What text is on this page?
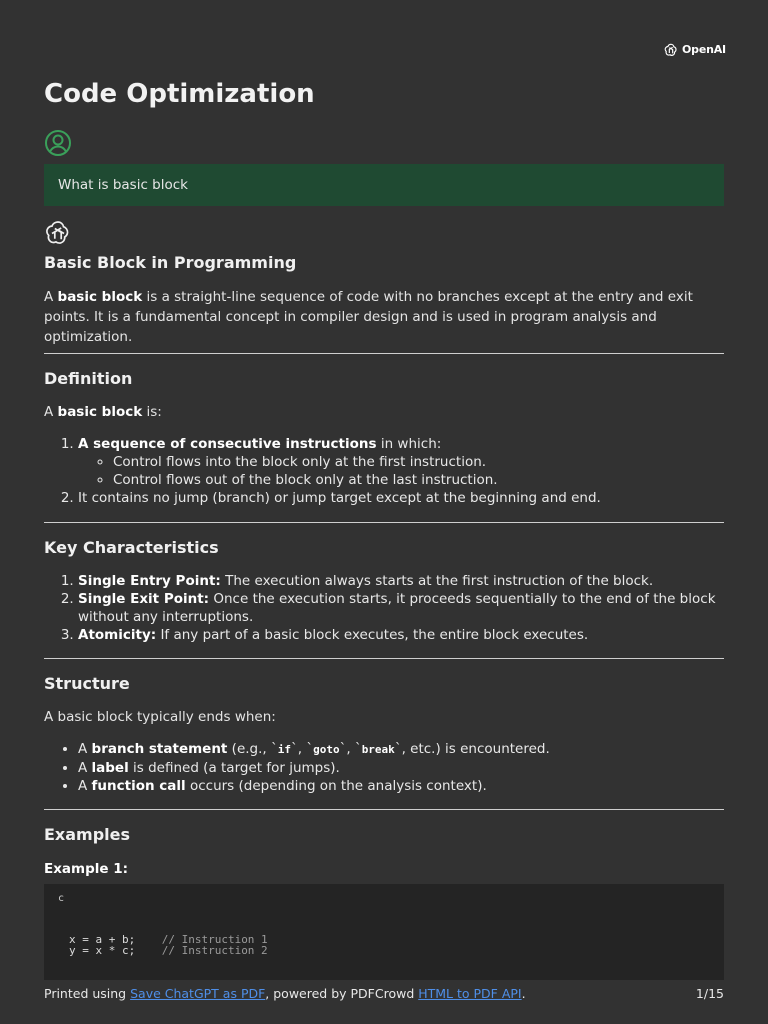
OpenAI
Code Optimization
What is basic block
Basic Block in Programming

A basic block is a straight-line sequence of code with no branches except at the entry and exit points. It is a fundamental concept in compiler design and is used in program analysis and optimization.

Definition

A basic block is:

1. A sequence of consecutive instructions in which:
◦ Control flows into the block only at the first instruction.
◦ Control flows out of the block only at the last instruction.
2. It contains no jump (branch) or jump target except at the beginning and end.
Key Characteristics
1. Single Entry Point: The execution always starts at the first instruction of the block.
2. Single Exit Point: Once the execution starts, it proceeds sequentially to the end of the block without any interruptions.
3. Atomicity: If any part of a basic block executes, the entire block executes.
Structure

A basic block typically ends when:

• A branch statement (e.g., `if`, `goto`, `break`, etc.) is encountered.
• A label is defined (a target for jumps).
• A function call occurs (depending on the analysis context).
Examples

Example 1:

c
x = a + b;    // Instruction 1
y = x * c;    // Instruction 2
Printed using Save ChatGPT as PDF, powered by PDFCrowd HTML to PDF API.	1/15
